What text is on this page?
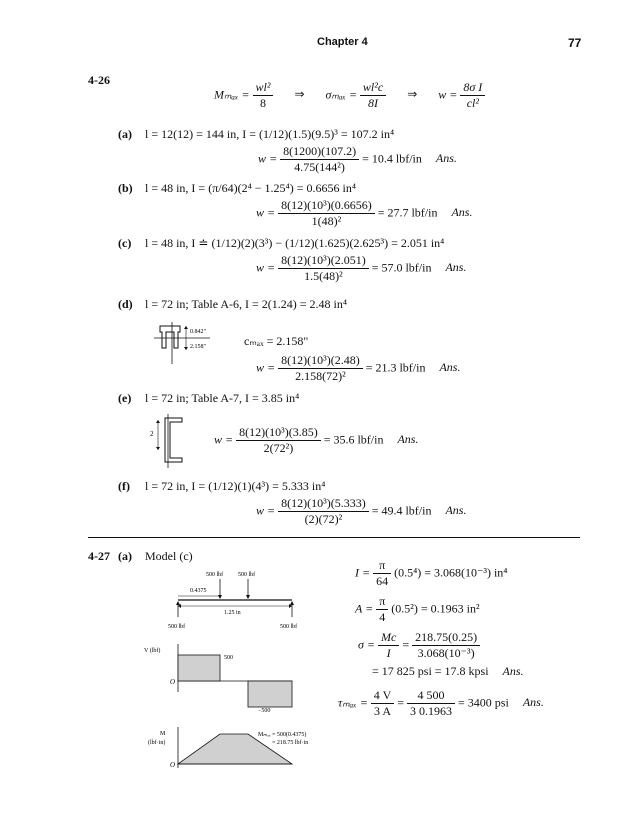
Chapter 4	77
4-26
$M_{max} = \frac{\text{wl²}}{8}$ ⇒ $\sigma_{max} = \frac{\text{wl²c}}{8I}$ ⇒ $w = \frac{\text{8σ I}}{\text{cl²}}$
(a) l = 12(12) = 144 in, I = (1/12)(1.5)(9.5)³ = 107.2 in⁴
$w = \frac{8(1200)(107.2)}{\text{4.75(144²)}} = 10.4$ lbf/in Ans.
(b) l = 48 in, I = (π/64)(2⁴ − 1.25⁴) = 0.6656 in⁴
$w = \frac{\text{8(12)(10³)(0.6656)}}{\text{1(48)²}} = 27.7$ lbf/in Ans.
(c) l = 48 in, I ≐ (1/12)(2)(3³) − (1/12)(1.625)(2.625³) = 2.051 in⁴
$w = \frac{\text{8(12)(10³)(2.051)}}{\text{1.5(48)²}} = 57.0$ lbf/in Ans.
(d) l = 72 in; Table A-6, I = 2(1.24) = 2.48 in⁴
0.842"
2.158"	cₘₐₓ = 2.158"
$w = \frac{\text{8(12)(10³)(2.48)}}{\text{2.158(72)²}} = 21.3$ lbf/in Ans.
(e) l = 72 in; Table A-7, I = 3.85 in⁴
2	$w = \frac{\text{8(12)(10³)(3.85)}}{\text{2(72²)}} = 35.6$ lbf/in Ans.
(f) l = 72 in, I = (1/12)(1)(4³) = 5.333 in⁴
$w = \frac{\text{8(12)(10³)(5.333)}}{\text{(2)(72)²}} = 49.4$ lbf/in Ans.
4-27 (a) Model (c)
500 lbf 500 lbf
0.4375
1.25 in
500 lbf	500 lbf
V (lbf)
500
−500
O
M
(lbf·in)
O
Mₘₐₓ = 500(0.4375)
= 218.75 lbf·in
$I = \frac{\pi}{64} (0.5^4) = 3.068(10^{-3})$ in⁴
$A = \frac{\pi}{4} (0.5^2) = 0.1963$ in²
$\sigma = \frac{Mc}{I} = \frac{218.75(0.25)}{\text{3.068(10⁻³)}}$
= 17 825 psi = 17.8 kpsi Ans.
$\tau_{max} = \frac{4 V}{3 A} = \frac{4 500}{3 0.1963} = 3400$ psi Ans.
